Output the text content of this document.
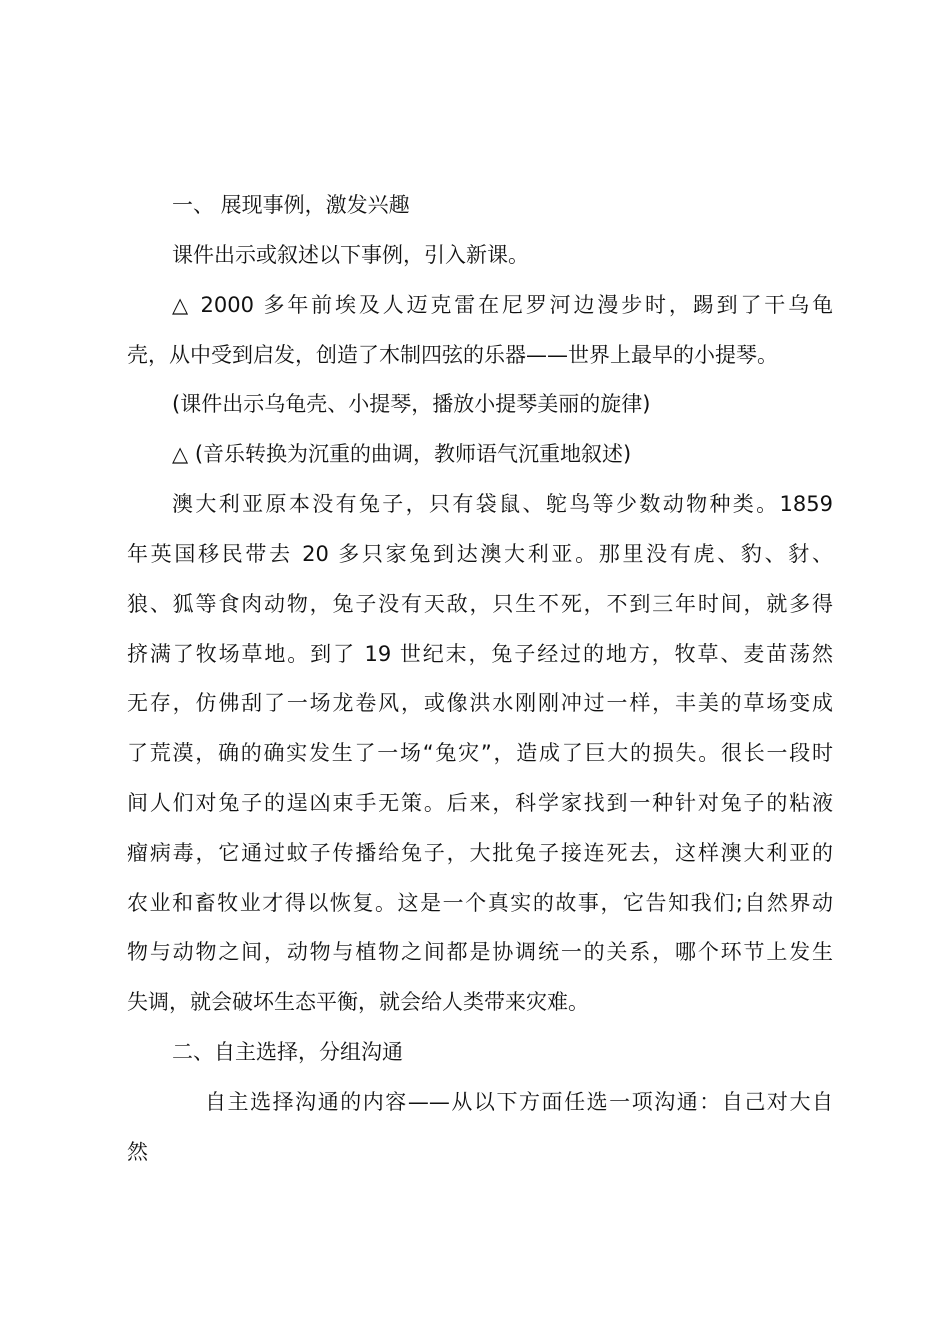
一、 展现事例，激发兴趣
课件出示或叙述以下事例，引入新课。
△ 2000 多年前埃及人迈克雷在尼罗河边漫步时，踢到了干乌龟
壳，从中受到启发，创造了木制四弦的乐器——世界上最早的小提琴。
(课件出示乌龟壳、小提琴，播放小提琴美丽的旋律)
△ (音乐转换为沉重的曲调，教师语气沉重地叙述)
澳大利亚原本没有兔子，只有袋鼠、鸵鸟等少数动物种类。1859
年英国移民带去 20 多只家兔到达澳大利亚。那里没有虎、豹、豺、
狼、狐等食肉动物，兔子没有天敌，只生不死，不到三年时间，就多得
挤满了牧场草地。到了 19 世纪末，兔子经过的地方，牧草、麦苗荡然
无存，仿佛刮了一场龙卷风，或像洪水刚刚冲过一样，丰美的草场变成
了荒漠，确的确实发生了一场“兔灾”，造成了巨大的损失。很长一段时
间人们对兔子的逞凶束手无策。后来，科学家找到一种针对兔子的粘液
瘤病毒，它通过蚊子传播给兔子，大批兔子接连死去，这样澳大利亚的
农业和畜牧业才得以恢复。这是一个真实的故事，它告知我们;自然界动
物与动物之间，动物与植物之间都是协调统一的关系，哪个环节上发生
失调，就会破坏生态平衡，就会给人类带来灾难。
二、自主选择，分组沟通
自主选择沟通的内容——从以下方面任选一项沟通：自己对大自
然
